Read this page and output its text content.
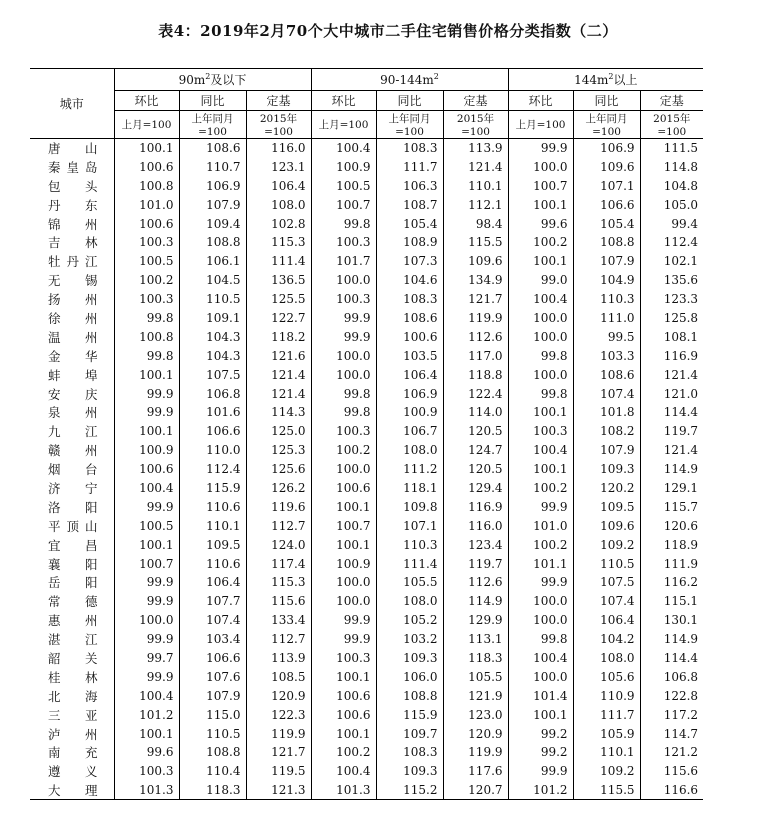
表4：2019年2月70个大中城市二手住宅销售价格分类指数（二）
城市	$90m^2$及以下			$90-144m^2$			$144m^2$以上		
	环比	同比	定基	环比	同比	定基	环比	同比	定基
	上月=100	上年同月=100	2015年=100	上月=100	上年同月=100	2015年=100	上月=100	上年同月=100	2015年=100
唐山	100.1	108.6	116.0	100.4	108.3	113.9	99.9	106.9	111.5
秦皇岛	100.6	110.7	123.1	100.9	111.7	121.4	100.0	109.6	114.8
包头	100.8	106.9	106.4	100.5	106.3	110.1	100.7	107.1	104.8
丹东	101.0	107.9	108.0	100.7	108.7	112.1	100.1	106.6	105.0
锦州	100.6	109.4	102.8	99.8	105.4	98.4	99.6	105.4	99.4
吉林	100.3	108.8	115.3	100.3	108.9	115.5	100.2	108.8	112.4
牡丹江	100.5	106.1	111.4	101.7	107.3	109.6	100.1	107.9	102.1
无锡	100.2	104.5	136.5	100.0	104.6	134.9	99.0	104.9	135.6
扬州	100.3	110.5	125.5	100.3	108.3	121.7	100.4	110.3	123.3
徐州	99.8	109.1	122.7	99.9	108.6	119.9	100.0	111.0	125.8
温州	100.8	104.3	118.2	99.9	100.6	112.6	100.0	99.5	108.1
金华	99.8	104.3	121.6	100.0	103.5	117.0	99.8	103.3	116.9
蚌埠	100.1	107.5	121.4	100.0	106.4	118.8	100.0	108.6	121.4
安庆	99.9	106.8	121.4	99.8	106.9	122.4	99.8	107.4	121.0
泉州	99.9	101.6	114.3	99.8	100.9	114.0	100.1	101.8	114.4
九江	100.1	106.6	125.0	100.3	106.7	120.5	100.3	108.2	119.7
赣州	100.9	110.0	125.3	100.2	108.0	124.7	100.4	107.9	121.4
烟台	100.6	112.4	125.6	100.0	111.2	120.5	100.1	109.3	114.9
济宁	100.4	115.9	126.2	100.6	118.1	129.4	100.2	120.2	129.1
洛阳	99.9	110.6	119.6	100.1	109.8	116.9	99.9	109.5	115.7
平顶山	100.5	110.1	112.7	100.7	107.1	116.0	101.0	109.6	120.6
宜昌	100.1	109.5	124.0	100.1	110.3	123.4	100.2	109.2	118.9
襄阳	100.7	110.6	117.4	100.9	111.4	119.7	101.1	110.5	111.9
岳阳	99.9	106.4	115.3	100.0	105.5	112.6	99.9	107.5	116.2
常德	99.9	107.7	115.6	100.0	108.0	114.9	100.0	107.4	115.1
惠州	100.0	107.4	133.4	99.9	105.2	129.9	100.0	106.4	130.1
湛江	99.9	103.4	112.7	99.9	103.2	113.1	99.8	104.2	114.9
韶关	99.7	106.6	113.9	100.3	109.3	118.3	100.4	108.0	114.4
桂林	99.9	107.6	108.5	100.1	106.0	105.5	100.0	105.6	106.8
北海	100.4	107.9	120.9	100.6	108.8	121.9	101.4	110.9	122.8
三亚	101.2	115.0	122.3	100.6	115.9	123.0	100.1	111.7	117.2
泸州	100.1	110.5	119.9	100.1	109.7	120.9	99.2	105.9	114.7
南充	99.6	108.8	121.7	100.2	108.3	119.9	99.2	110.1	121.2
遵义	100.3	110.4	119.5	100.4	109.3	117.6	99.9	109.2	115.6
大理	101.3	118.3	121.3	101.3	115.2	120.7	101.2	115.5	116.6
